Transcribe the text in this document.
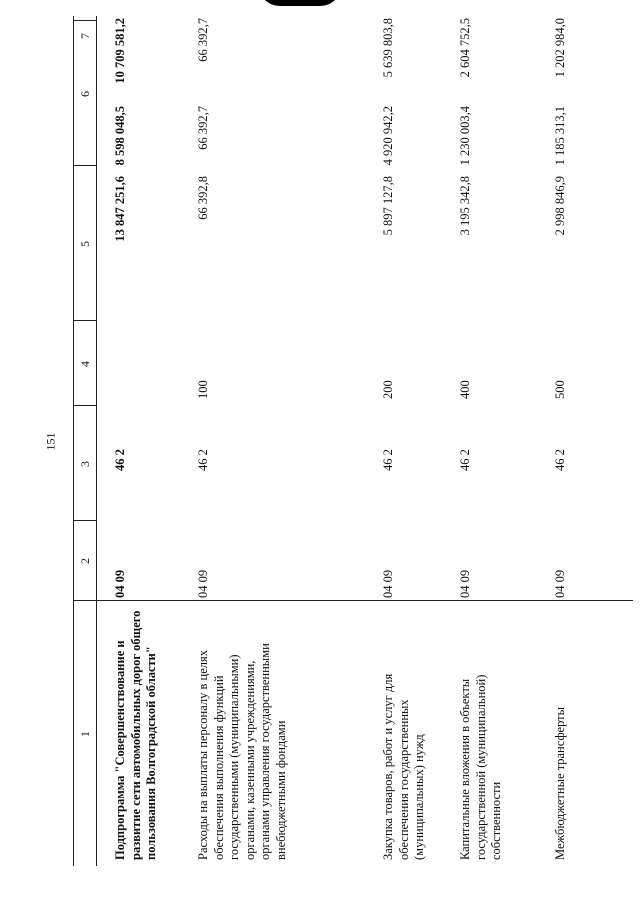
151
1
2
3
4
5
6
7
Подпрограмма "Совершенствование и развитие сети автомобильных дорог общего пользования Волгоградской области"
04 09
46 2
13 847 251,6
8 598 048,5
10 709 581,2
Расходы на выплаты персоналу в целях обеспечения выполнения функций государственными (муниципальными) органами, казенными учреждениями, органами управления государственными внебюджетными фондами
04 09
46 2
100
66 392,8
66 392,7
66 392,7
Закупка товаров, работ и услуг для обеспечения государственных (муниципальных) нужд
04 09
46 2
200
5 897 127,8
4 920 942,2
5 639 803,8
Капитальные вложения в объекты государственной (муниципальной) собственности
04 09
46 2
400
3 195 342,8
1 230 003,4
2 604 752,5
Межбюджетные трансферты
04 09
46 2
500
2 998 846,9
1 185 313,1
1 202 984,0
